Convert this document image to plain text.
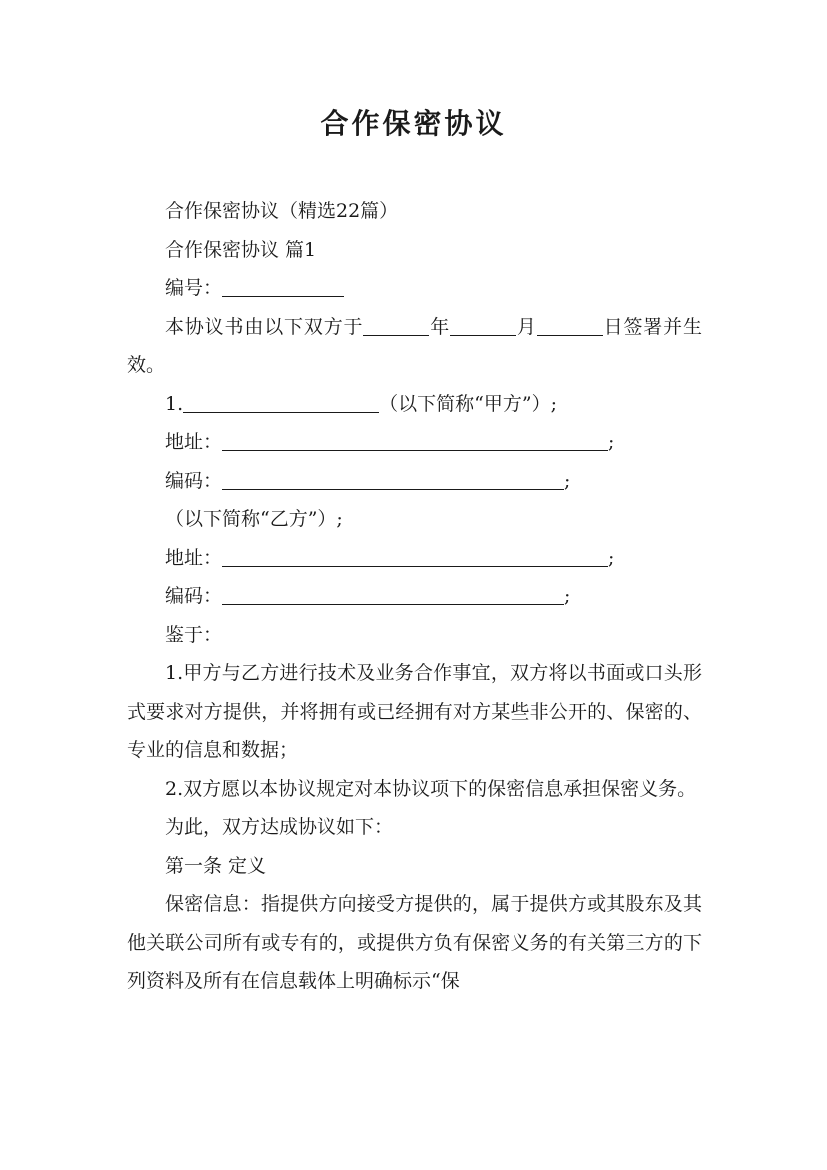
合作保密协议

合作保密协议（精选22篇）

合作保密协议 篇1

编号：

本协议书由以下双方于	年	月	日签署并生效。

1.	（以下简称“甲方”）;

地址：	;

编码：	;

（以下简称“乙方”）;

地址：	;

编码：	;

鉴于：

1.甲方与乙方进行技术及业务合作事宜，双方将以书面或口头形式要求对方提供，并将拥有或已经拥有对方某些非公开的、保密的、专业的信息和数据；

2.双方愿以本协议规定对本协议项下的保密信息承担保密义务。

为此，双方达成协议如下：

第一条 定义

保密信息：指提供方向接受方提供的，属于提供方或其股东及其他关联公司所有或专有的，或提供方负有保密义务的有关第三方的下列资料及所有在信息载体上明确标示“保
